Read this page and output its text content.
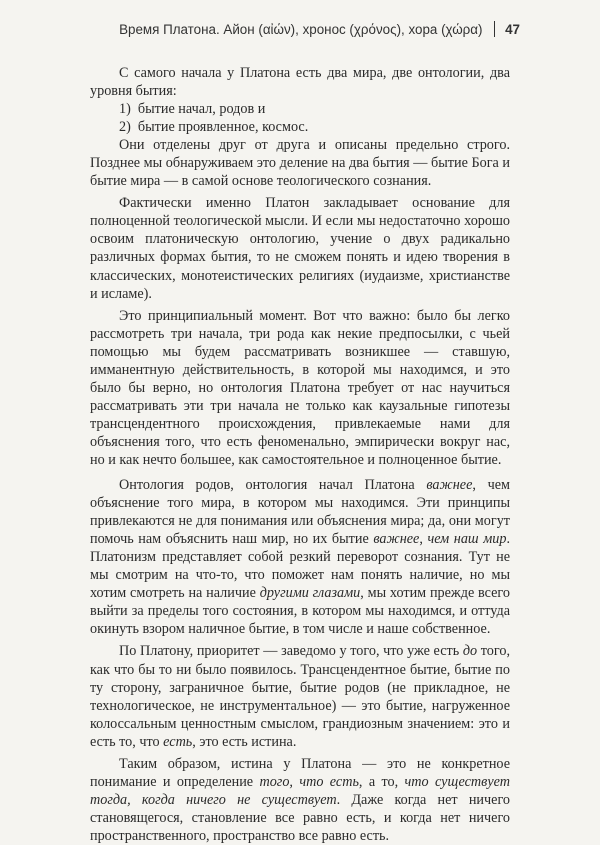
Время Платона. Айон (αἰών), хронос (χρόνος), хора (χώρα) 47

С самого начала у Платона есть два мира, две онтологии, два уровня бытия:

1) бытие начал, родов и

2) бытие проявленное, космос.

Они отделены друг от друга и описаны предельно строго. Позднее мы обнаруживаем это деление на два бытия — бытие Бога и бытие мира — в самой основе теологического сознания.

Фактически именно Платон закладывает основание для полноценной теологической мысли. И если мы недостаточно хорошо освоим платоническую онтологию, учение о двух радикально различных формах бытия, то не сможем понять и идею творения в классических, монотеистических религиях (иудаизме, христианстве и исламе).

Это принципиальный момент. Вот что важно: было бы легко рассмотреть три начала, три рода как некие предпосылки, с чьей помощью мы будем рассматривать возникшее — ставшую, имманентную действительность, в которой мы находимся, и это было бы верно, но онтология Платона требует от нас научиться рассматривать эти три начала не только как каузальные гипотезы трансцендентного происхождения, привлекаемые нами для объяснения того, что есть феноменально, эмпирически вокруг нас, но и как нечто большее, как самостоятельное и полноценное бытие.

Онтология родов, онтология начал Платона важнее, чем объяснение того мира, в котором мы находимся. Эти принципы привлекаются не для понимания или объяснения мира; да, они могут помочь нам объяснить наш мир, но их бытие важнее, чем наш мир. Платонизм представляет собой резкий переворот сознания. Тут не мы смотрим на что-то, что поможет нам понять наличие, но мы хотим смотреть на наличие другими глазами, мы хотим прежде всего выйти за пределы того состояния, в котором мы находимся, и оттуда окинуть взором наличное бытие, в том числе и наше собственное.

По Платону, приоритет — заведомо у того, что уже есть до того, как что бы то ни было появилось. Трансцендентное бытие, бытие по ту сторону, заграничное бытие, бытие родов (не прикладное, не технологическое, не инструментальное) — это бытие, нагруженное колоссальным ценностным смыслом, грандиозным значением: это и есть то, что есть, это есть истина.

Таким образом, истина у Платона — это не конкретное понимание и определение того, что есть, а то, что существует тогда, когда ничего не существует. Даже когда нет ничего становящегося, становление все равно есть, и когда нет ничего пространственного, пространство все равно есть.
